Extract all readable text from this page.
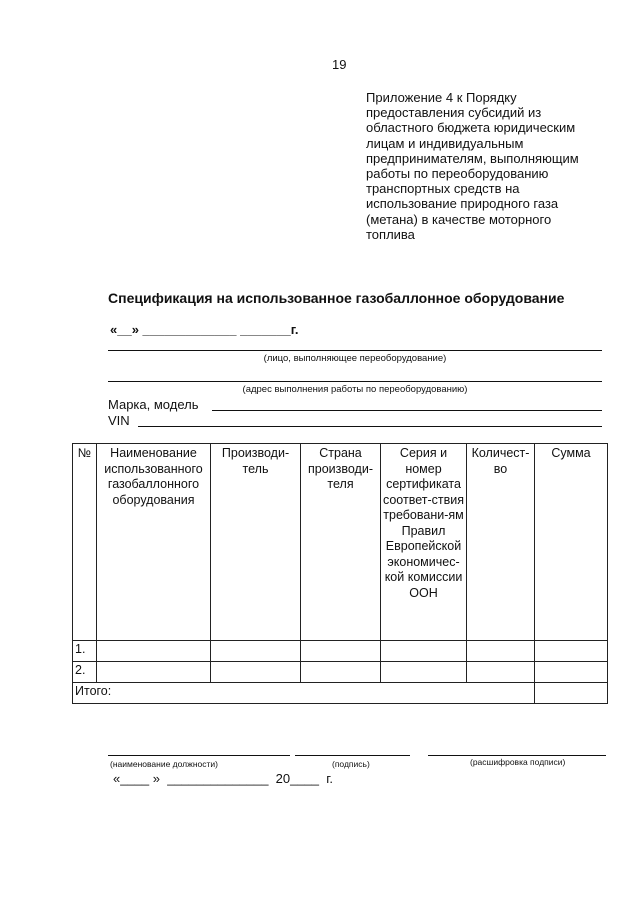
19
Приложение 4 к Порядку
предоставления субсидий из
областного бюджета юридическим
лицам и индивидуальным
предпринимателям, выполняющим
работы по переоборудованию
транспортных средств на
использование природного газа
(метана) в качестве моторного
топлива
Спецификация на использованное газобаллонное оборудование
«__» _____________ _______г.
(лицо, выполняющее переоборудование)
(адрес выполнения работы по переоборудованию)
Марка, модель
VIN
№	Наименование использованного газобаллонного оборудования	Производи-тель	Страна производи-теля	Серия и номер сертификата соответ-ствия требовани-ям Правил Европейской экономичес-кой комиссии ООН	Количест-во	Сумма
1.						
2.						
Итого:						
(наименование должности)	(подпись)	(расшифровка подписи)
«____ »  ______________  20____  г.
